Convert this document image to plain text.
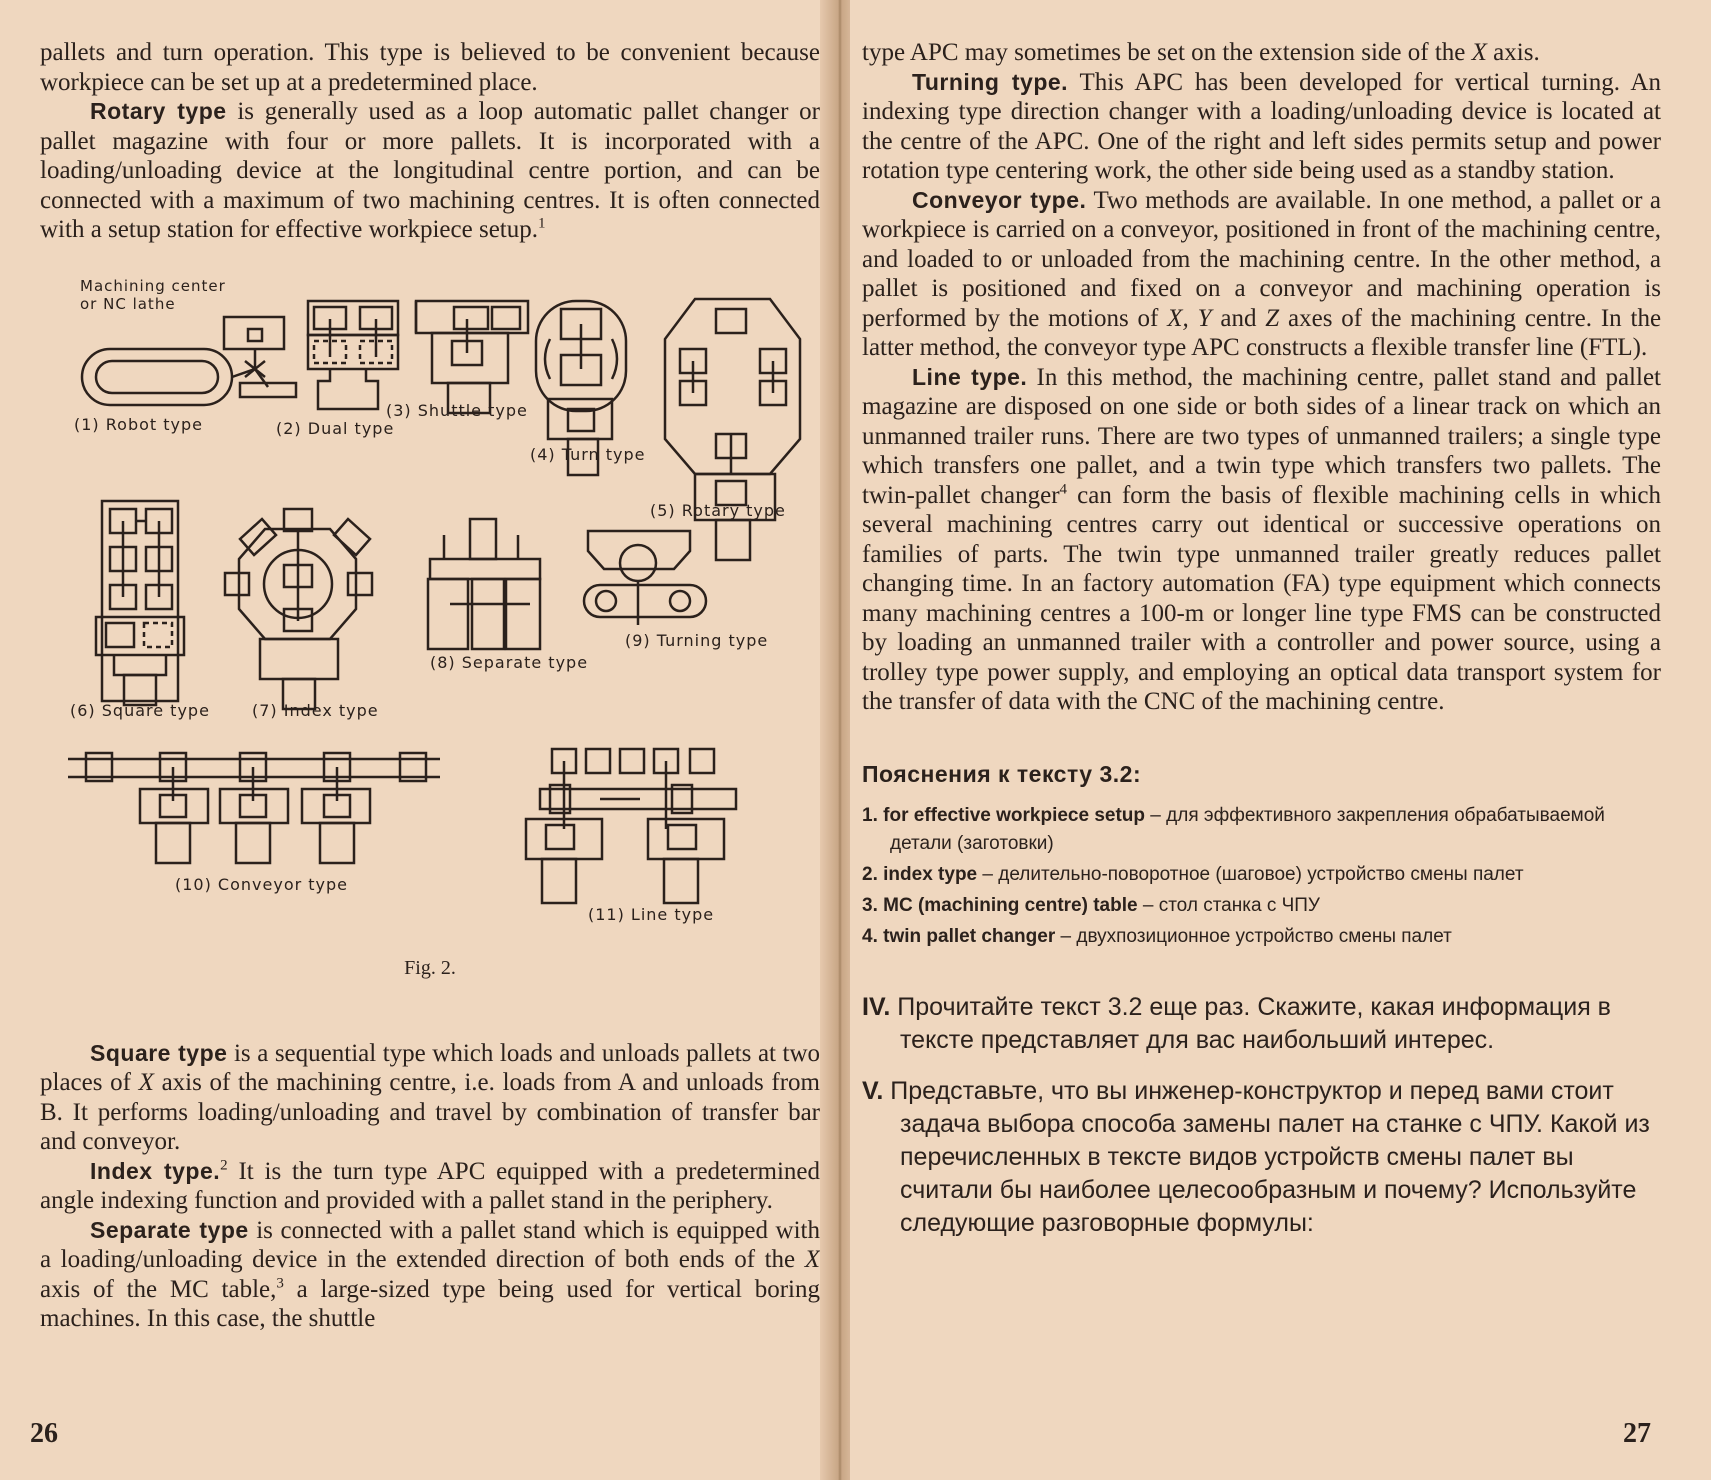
pallets and turn operation. This type is believed to be convenient because workpiece can be set up at a predetermined place.

Rotary type is generally used as a loop automatic pallet changer or pallet magazine with four or more pallets. It is incorporated with a loading/unloading device at the longitudinal centre portion, and can be connected with a maximum of two machining centres. It is often connected with a setup station for effective workpiece setup.$^1$

Machining center
or NC lathe
(1) Robot type	(2) Dual type
(3) Shuttle type
(4) Turn type
(5) Rotary type
(6) Square type	(7) Index type
(8) Separate type
(9) Turning type
(10) Conveyor type
(11) Line type
Fig. 2.

Square type is a sequential type which loads and unloads pallets at two places of X axis of the machining centre, i.e. loads from A and unloads from B. It performs loading/unloading and travel by combination of transfer bar and conveyor.

Index type.$^2$ It is the turn type APC equipped with a predetermined angle indexing function and provided with a pallet stand in the periphery.

Separate type is connected with a pallet stand which is equipped with a loading/unloading device in the extended direction of both ends of the X axis of the MC table,$^3$ a large-sized type being used for vertical boring machines. In this case, the shuttle

26

type APC may sometimes be set on the extension side of the X axis.

Turning type. This APC has been developed for vertical turning. An indexing type direction changer with a loading/unloading device is located at the centre of the APC. One of the right and left sides permits setup and power rotation type centering work, the other side being used as a standby station.

Conveyor type. Two methods are available. In one method, a pallet or a workpiece is carried on a conveyor, positioned in front of the machining centre, and loaded to or unloaded from the machining centre. In the other method, a pallet is positioned and fixed on a conveyor and machining operation is performed by the motions of X, Y and Z axes of the machining centre. In the latter method, the conveyor type APC constructs a flexible transfer line (FTL).

Line type. In this method, the machining centre, pallet stand and pallet magazine are disposed on one side or both sides of a linear track on which an unmanned trailer runs. There are two types of unmanned trailers; a single type which transfers one pallet, and a twin type which transfers two pallets. The twin-pallet changer$^4$ can form the basis of flexible machining cells in which several machining centres carry out identical or successive operations on families of parts. The twin type unmanned trailer greatly reduces pallet changing time. In an factory automation (FA) type equipment which connects many machining centres a 100-m or longer line type FMS can be constructed by loading an unmanned trailer with a controller and power source, using a trolley type power supply, and employing an optical data transport system for the transfer of data with the CNC of the machining centre.

Пояснения к тексту 3.2:
1. for effective workpiece setup – для эффективного закрепления обрабатываемой детали (заготовки)
2. index type – делительно-поворотное (шаговое) устройство смены палет
3. MC (machining centre) table – стол станка с ЧПУ
4. twin pallet changer – двухпозиционное устройство смены палет
IV. Прочитайте текст 3.2 еще раз. Скажите, какая информация в тексте представляет для вас наибольший интерес.
V. Представьте, что вы инженер-конструктор и перед вами стоит задача выбора способа замены палет на станке с ЧПУ. Какой из перечисленных в тексте видов устройств смены палет вы считали бы наиболее целесообразным и почему? Используйте следующие разговорные формулы:
27
